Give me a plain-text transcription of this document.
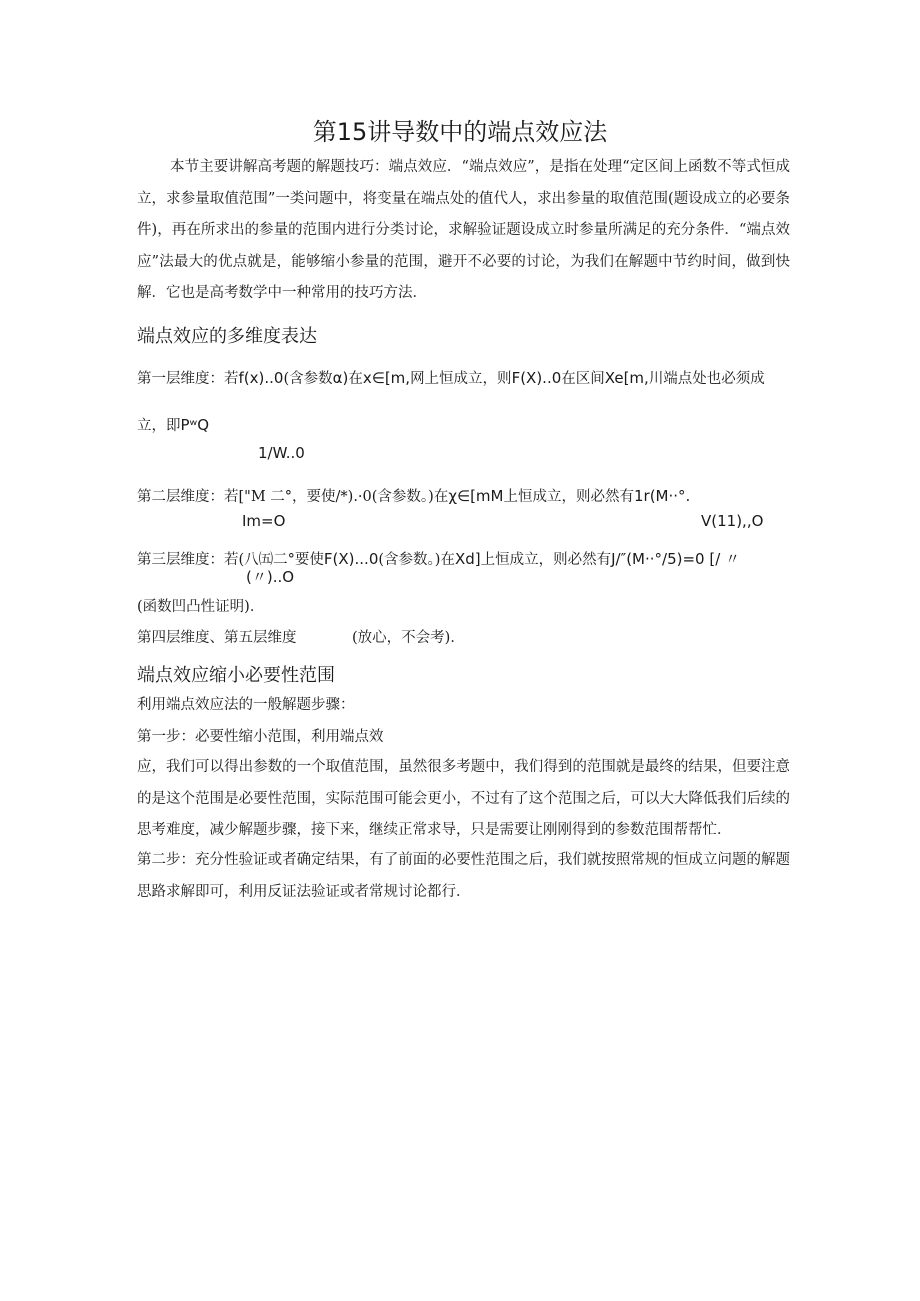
第15讲导数中的端点效应法

本节主要讲解高考题的解题技巧：端点效应．“端点效应”，是指在处理“定区间上函数不等式恒成立，求参量取值范围”一类问题中，将变量在端点处的值代人，求出参量的取值范围(题设成立的必要条件)，再在所求出的参量的范围内进行分类讨论，求解验证题设成立时参量所满足的充分条件．“端点效应”法最大的优点就是，能够缩小参量的范围，避开不必要的讨论，为我们在解题中节约时间，做到快解．它也是高考数学中一种常用的技巧方法．

端点效应的多维度表达

第一层维度：若f(x)..0(含参数α)在x∈[m,网上恒成立，则F(X)..0在区间Xe[m,川端点处也必须成

立，即PʷQ

1/W..0

第二层维度：若["M 二°，要使/*).·0(含参数。)在χ∈[mM上恒成立，则必然有1r(M··°.

Im=O	V(11),,O

第三层维度：若(八㈤二°要使F(X)...0(含参数。)在Xd]上恒成立，则必然有J/″(M··°/5)=0 [/ 〃

(〃)..O

(函数凹凸性证明)．

第四层维度、第五层维度	(放心，不会考)．

端点效应缩小必要性范围

利用端点效应法的一般解题步骤：

第一步：必要性缩小范围，利用端点效

应，我们可以得出参数的一个取值范围，虽然很多考题中，我们得到的范围就是最终的结果，但要注意的是这个范围是必要性范围，实际范围可能会更小，不过有了这个范围之后，可以大大降低我们后续的思考难度，减少解题步骤，接下来，继续正常求导，只是需要让刚刚得到的参数范围帮帮忙．

第二步：充分性验证或者确定结果，有了前面的必要性范围之后，我们就按照常规的恒成立问题的解题思路求解即可，利用反证法验证或者常规讨论都行．
